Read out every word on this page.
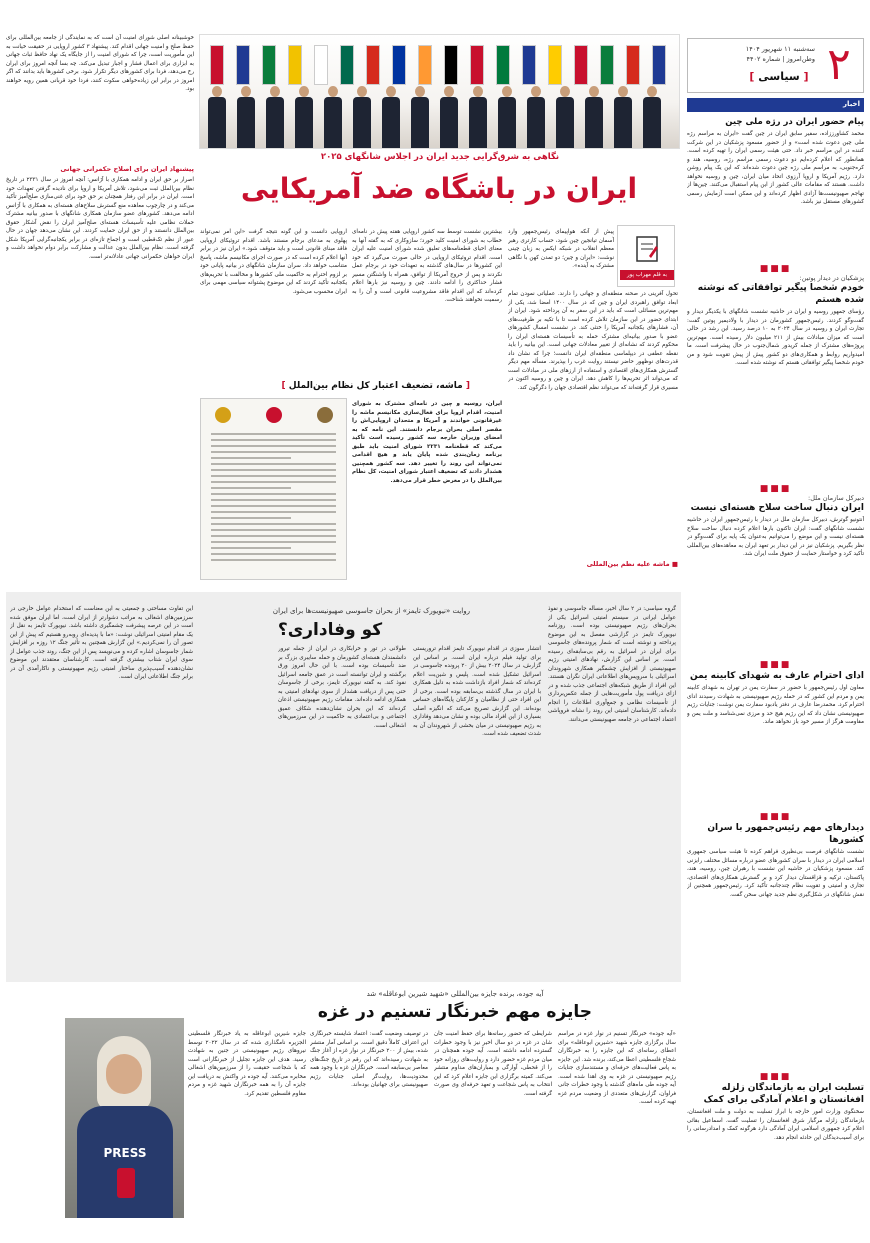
۲
سه‌شنبه ۱۱ شهریور ۱۴۰۴
وطن‌امروز | شماره ۴۴۰۲
[ سیاسی ]
اخبار
پیام حضور ایران در رژه ملی چین
محمد کشاورززاده، سفیر سابق ایران در چین گفت «ایران به مراسم رژه ملی چین دعوت شده است» و از حضور مسعود پزشکیان در این شرکت کننده در این مراسم خبر داد. حتی هیئت رسمی ایران را تهیه کرده است. همانطور که اعلام کرده‌ایم دو دعوت رسمی مراسم رژه، روسیه، هند و کره‌جنوبی، به مراسم ملی رژه چین دعوت شده‌اند که این یک پیام روشن دارد. رژیم آمریکا و اروپا آرزوی اتحاد میان ایران، چین و روسیه نخواهد داشت. هستند که مقامات عالی کشور از این پیام استقبال می‌کنند. چین‌ها از تهاجم صهیونیست‌ها آزادی اظهار کرده‌اند و این ممکن است آزمایش رسمی کشورهای مستقل نیز باشد.
■■■
پزشکیان در دیدار پوتین:
خودم شخصا پیگیر توافقاتی که نوشته شده هستم
رؤسای جمهور روسیه و ایران در حاشیه نشست شانگهای با یکدیگر دیدار و گفت‌وگو کردند. رئیس‌جمهور کشورمان در دیدار با ولادیمیر پوتین گفت: تجارت ایران و روسیه در سال ۲۰۲۴ به ۱۰ درصد رسید. این رشد در حالی است که میزان مبادلات بیش از ۲۱۱ میلیون دلار رسیده است. مهم‌ترین پروژه‌های مشترک از جمله کریدور شمال‌جنوب در حال پیشرفت است. ما امیدواریم روابط و همکاری‌های دو کشور پیش از پیش تقویت شود و من خودم شخصا پیگیر توافقاتی هستم که نوشته شده است.
■■■
دبیرکل سازمان ملل:
ایران دنبال ساخت سلاح هسته‌ای نیست
آنتونیو گوترش، دبیرکل سازمان ملل در دیدار با رئیس‌جمهور ایران در حاشیه نشست شانگهای گفت: ایران تاکنون بارها اعلام کرده دنبال ساخت سلاح هسته‌ای نیست و این موضع را می‌توانیم به‌عنوان یک پایه برای گفت‌وگو در نظر بگیریم. پزشکیان نیز در این دیدار بر تعهد ایران به معاهده‌های بین‌المللی تأکید کرد و خواستار حمایت از حقوق ملت ایران شد.
■■■
ادای احترام عارف به شهدای کابینه یمن
معاون اول رئیس‌جمهور با حضور در سفارت یمن در تهران به شهدای کابینه یمن و مردم این کشور که در حمله رژیم صهیونیستی به شهادت رسیدند ادای احترام کرد. محمدرضا عارف در دفتر یادبود سفارت یمن نوشت: جنایات رژیم صهیونیستی نشان داد که این رژیم هیچ حد و مرزی نمی‌شناسد و ملت یمن و مقاومت هرگز از مسیر خود باز نخواهد ماند.
■■■
دیدارهای مهم رئیس‌جمهور با سران کشورها
نشست شانگهای فرصت بی‌نظیری فراهم کرده تا هیئت سیاسی جمهوری اسلامی ایران در دیدار با سران کشورهای عضو درباره مسائل مختلف رایزنی کند. مسعود پزشکیان در حاشیه این نشست با رهبران چین، روسیه، هند، پاکستان، ترکیه و قزاقستان دیدار کرد و بر گسترش همکاری‌های اقتصادی، تجاری و امنیتی و تقویت نظام چندجانبه تأکید کرد. رئیس‌جمهور همچنین از نقش شانگهای در شکل‌گیری نظم جدید جهانی سخن گفت.
■■■
تسلیت ایران به بازماندگان زلزله افغانستان و اعلام آمادگی برای کمک
سخنگوی وزارت امور خارجه با ابراز تسلیت به دولت و ملت افغانستان، بازماندگان زلزله مرگبار شرق افغانستان را تسلیت گفت. اسماعیل بقائی اعلام کرد جمهوری اسلامی ایران آمادگی دارد هرگونه کمک و امدادرسانی را برای آسیب‌دیدگان این حادثه انجام دهد.
خوشبینانه اصلی شورای امنیت آن است که به نمایندگی از جامعه بین‌المللی برای حفظ صلح و امنیت جهانی اقدام کند. پیشنهاد ۳ کشور اروپایی در حقیقت خیانت به این مأموریت است، چرا که شورای امنیت را از جایگاه یک نهاد حافظ ثبات جهانی به ابزاری برای اعمال فشار و اجبار تبدیل می‌کند. چه بسا آنچه امروز برای ایران رخ می‌دهد، فردا برای کشورهای دیگر تکرار شود. برخی کشورها باید بدانند که اگر امروز در برابر این زیاده‌خواهی سکوت کنند، فردا خود قربانی همین رویه خواهند بود.
پیشنهاد ایران برای اصلاح حکمرانی جهانی
اصرار بر حق ایران و ادامه همکاری با آژانس: آنچه امروز در سال ۲۳۳۱ در تاریخ نظام بین‌الملل ثبت می‌شود، تلاش آمریکا و اروپا برای نادیده گرفتن تعهدات خود است. ایران در برابر این رفتار همچنان بر حق خود برای غنی‌سازی صلح‌آمیز تأکید می‌کند و در چارچوب معاهده منع گسترش سلاح‌های هسته‌ای به همکاری با آژانس ادامه می‌دهد. کشورهای عضو سازمان همکاری شانگهای با صدور بیانیه مشترک حملات نظامی علیه تأسیسات هسته‌ای صلح‌آمیز ایران را نقض آشکار حقوق بین‌الملل دانستند و از حق ایران حمایت کردند. این نشان می‌دهد جهان در حال عبور از نظم تک‌قطبی است و اجماع تازه‌ای در برابر یکجانبه‌گرایی آمریکا شکل گرفته است. نظام بین‌الملل بدون عدالت و مشارکت برابر دوام نخواهد داشت و ایران خواهان حکمرانی جهانی عادلانه‌تر است.
نگاهی به شرق‌گرایی جدید ایران در اجلاس شانگهای ۲۰۲۵
ایران در باشگاه ضد آمریکایی
به قلم مهراب پور
پیش از آنکه هواپیمای رئیس‌جمهور وارد آسمان تیانجین چین شود، حساب کارتری رهبر معظم انقلاب در شبکه ایکس به زبان چینی نوشت: «ایران و چین؛ دو تمدن کهن با نگاهی مشترک به آینده».
تحول آفرینی در صحنه منطقه‌ای و جهانی را دارند. عملیاتی نمودن تمام ابعاد توافق راهبردی ایران و چین که در سال ۱۴۰۰ امضا شد، یکی از مهم‌ترین مسائلی است که باید در این سفر به آن پرداخته شود. ایران از ابتدای حضور در این سازمان تلاش کرده است تا با تکیه بر ظرفیت‌های آن، فشارهای یکجانبه آمریکا را خنثی کند. در نشست امسال کشورهای عضو با صدور بیانیه‌ای مشترک حمله به تأسیسات هسته‌ای ایران را محکوم کردند که نشانه‌ای از تغییر معادلات جهانی است. این بیانیه را باید نقطه عطفی در دیپلماسی منطقه‌ای ایران دانست؛ چرا که نشان داد قدرت‌های نوظهور حاضر نیستند روایت غرب را بپذیرند. مسأله مهم دیگر گسترش همکاری‌های اقتصادی و استفاده از ارزهای ملی در مبادلات است که می‌تواند اثر تحریم‌ها را کاهش دهد. ایران و چین و روسیه اکنون در مسیری قرار گرفته‌اند که می‌تواند نظم اقتصادی جهان را دگرگون کند.
■ ماشه علیه نظم بین‌المللی
بیشترین نشست توسط سه کشور اروپایی هفته پیش در نامه‌ای خطاب به شورای امنیت کلید خورد؛ سازوکاری که به گفته آنها به معنای احیای قطعنامه‌های تعلیق شده شورای امنیت علیه ایران است. اقدام تروئیکای اروپایی در حالی صورت می‌گیرد که خود این کشورها در سال‌های گذشته به تعهدات خود در برجام عمل نکردند و پس از خروج آمریکا از توافق، همراه با واشنگتن مسیر فشار حداکثری را ادامه دادند. چین و روسیه نیز بارها اعلام کرده‌اند که این اقدام فاقد مشروعیت قانونی است و آن را به رسمیت نخواهند شناخت.
اروپایی دانست و این گونه نتیجه گرفت «این امر نمی‌تواند پهلوی به مدعای برجام مستند باشد. اقدام تروئیکای اروپایی فاقد مبنای قانونی است و باید متوقف شود.» ایران نیز در برابر آنها اعلام کرده است که در صورت اجرای مکانیسم ماشه، پاسخ متناسب خواهد داد. سران سازمان شانگهای در بیانیه پایانی خود بر لزوم احترام به حاکمیت ملی کشورها و مخالفت با تحریم‌های یکجانبه تأکید کردند که این موضوع پشتوانه سیاسی مهمی برای ایران محسوب می‌شود.
[ ماشه، تضعیف اعتبار کل نظام بین‌الملل ]
ایران، روسیه و چین در نامه‌ای مشترک به شورای امنیت، اقدام اروپا برای فعال‌سازی مکانیسم ماشه را غیرقانونی خواندند و آمریکا و متحدان اروپایی‌اش را مقصر اصلی بحران برجام دانستند. این نامه که به امضای وزیران خارجه سه کشور رسیده است تأکید می‌کند که قطعنامه ۲۲۳۱ شورای امنیت باید طبق برنامه زمان‌بندی شده پایان یابد و هیچ اقدامی نمی‌تواند این روند را تغییر دهد. سه کشور همچنین هشدار دادند که تضعیف اعتبار شورای امنیت، کل نظام بین‌الملل را در معرض خطر قرار می‌دهد.
روایت «نیویورک تایمز» از بحران جاسوسی صهیونیست‌ها برای ایران
کو وفاداری؟
گروه سیاسی: در ۲ سال اخیر، مسأله جاسوسی و نفوذ عوامل ایرانی در سیستم امنیتی اسرائیل یکی از بحران‌های رژیم صهیونیستی بوده است. روزنامه نیویورک تایمز در گزارشی مفصل به این موضوع پرداخته و نوشته است که شمار پرونده‌های جاسوسی برای ایران در اسرائیل به رقم بی‌سابقه‌ای رسیده است. بر اساس این گزارش، نهادهای امنیتی رژیم صهیونیستی از افزایش چشمگیر همکاری شهروندان اسرائیلی با سرویس‌های اطلاعاتی ایران نگران هستند. این افراد از طریق شبکه‌های اجتماعی جذب شده و در ازای دریافت پول مأموریت‌هایی از جمله عکس‌برداری از تأسیسات نظامی و جمع‌آوری اطلاعات را انجام داده‌اند. کارشناسان امنیتی این روند را نشانه فروپاشی اعتماد اجتماعی در جامعه صهیونیستی می‌دانند.
انتشار سوزی در اقدام نیویورک تایمز اقدام تروریستی برای تولید فیلم درباره ایران است. بر اساس این گزارش، در سال ۲۰۲۴ بیش از ۲۰ پرونده جاسوسی در اسرائیل تشکیل شده است. پلیس و شین‌بت اعلام کرده‌اند که شمار افراد بازداشت شده به دلیل همکاری با ایران در سال گذشته بی‌سابقه بوده است. برخی از این افراد حتی از نظامیان و کارکنان پایگاه‌های حساس بوده‌اند. این گزارش تصریح می‌کند که انگیزه اصلی بسیاری از این افراد مالی بوده و نشان می‌دهد وفاداری به رژیم صهیونیستی در میان بخشی از شهروندان آن به شدت تضعیف شده است.
طولانی در تور و خرابکاری در ایران از جمله تیرور دانشمندان هسته‌ای کشورمان و حمله سایبری بزرگ بر ضد تأسیسات بوده است. با این حال امروز ورق برگشته و ایران توانسته است در عمق جامعه اسرائیل نفوذ کند. به گفته نیویورک تایمز، برخی از جاسوسان حتی پس از دریافت هشدار از سوی نهادهای امنیتی به همکاری ادامه داده‌اند. مقامات رژیم صهیونیستی اذعان کرده‌اند که این بحران نشان‌دهنده شکاف عمیق اجتماعی و بی‌اعتمادی به حاکمیت در این سرزمین‌های اشغالی است.
این تفاوت مساحتی و جمعیتی به این معناست که استخدام عوامل خارجی در سرزمین‌های اشغالی به مراتب دشوارتر از ایران است، اما ایران موفق شده است در این عرصه پیشرفت چشمگیری داشته باشد. نیویورک تایمز به نقل از یک مقام امنیتی اسرائیلی نوشت: «ما با پدیده‌ای روبه‌رو هستیم که پیش از این تصور آن را نمی‌کردیم.» این گزارش همچنین به تأثیر جنگ ۱۲ روزه بر افزایش شمار جاسوسان اشاره کرده و می‌نویسد پس از این جنگ، روند جذب عوامل از سوی ایران شتاب بیشتری گرفته است. کارشناسان معتقدند این موضوع نشان‌دهنده آسیب‌پذیری ساختار امنیتی رژیم صهیونیستی و ناکارآمدی آن در برابر جنگ اطلاعاتی ایران است.
آیه جوده، برنده جایزه بین‌المللی «شهید شیرین ابوعاقله» شد
جایزه مهم خبرنگار تسنیم در غزه
«آیه جوده» خبرنگار تسنیم در نوار غزه در مراسم سال برگزاری جایزه شهید «شیرین ابوعاقله» برای اعطای رسانه‌ای که این جایزه را به خبرنگاران شجاع فلسطینی اعطا می‌کند، برنده شد. این جایزه به پاس فعالیت‌های حرفه‌ای و مستندسازی جنایات رژیم صهیونیستی در غزه به وی اهدا شده است. آیه جوده طی ماه‌های گذشته با وجود خطرات جانی فراوان، گزارش‌های متعددی از وضعیت مردم غزه تهیه کرده است.
شرایطی که حضور رسانه‌ها برای حفظ امنیت جان شان در غزه در دو سال اخیر نیز با وجود خطرات گسترده ادامه داشته است. آیه جوده همچنان در میان مردم غزه حضور دارد و روایت‌های روزانه خود را از قحطی، آوارگی و بمباران‌های مداوم منتشر می‌کند. کمیته برگزاری این جایزه اعلام کرد که این انتخاب به پاس شجاعت و تعهد حرفه‌ای وی صورت گرفته است.
در توصیف وضعیت گفت: اعتماد شایسته خبرنگاری این اعتراف کاملاً دقیق است. بر اساس آمار منتشر شده، بیش از ۲۰۰ خبرنگار در نوار غزه از آغاز جنگ به شهادت رسیده‌اند که این رقم در تاریخ جنگ‌های معاصر بی‌سابقه است. خبرنگاران غزه با وجود همه محدودیت‌ها، روایت‌گر اصلی جنایات رژیم صهیونیستی برای جهانیان بوده‌اند.
جایزه شیرین ابوعاقله به یاد خبرنگار فلسطینی الجزیره نامگذاری شده که در سال ۲۰۲۲ توسط نیروهای رژیم صهیونیستی در جنین به شهادت رسید. هدف این جایزه تجلیل از خبرنگارانی است که با شجاعت حقیقت را از سرزمین‌های اشغالی مخابره می‌کنند. آیه جوده در واکنش به دریافت این جایزه آن را به همه خبرنگاران شهید غزه و مردم مقاوم فلسطین تقدیم کرد.
PRESS
